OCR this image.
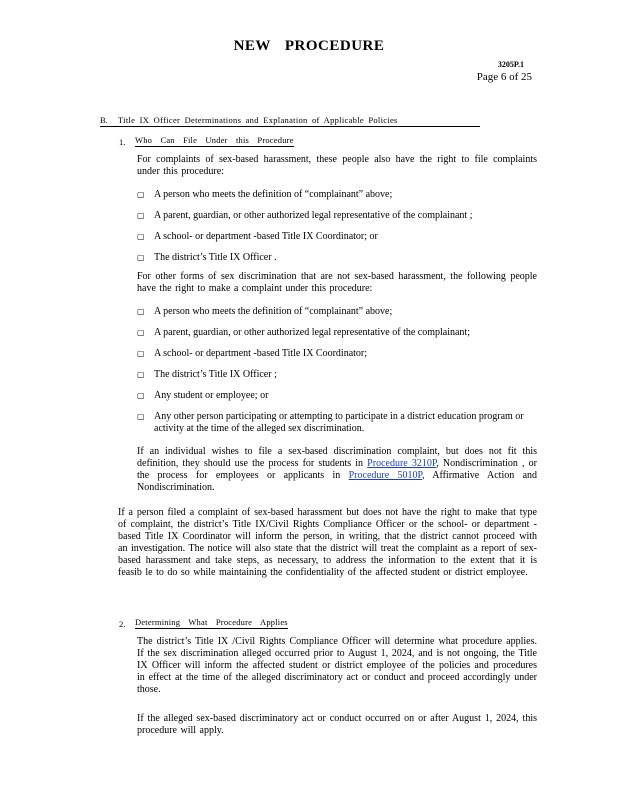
NEW PROCEDURE
3205P.1
Page 6 of 25
B.	Title IX Officer Determinations and Explanation of Applicable Policies
1.	Who Can File Under this Procedure
For complaints of sex-based harassment, these people also have the right to file complaints under this procedure:
▢ A person who meets the definition of “complainant” above;
▢ A parent, guardian, or other authorized legal representative of the complainant ;
▢ A school- or department -based Title IX Coordinator; or
▢ The district’s Title IX Officer .
For other forms of sex discrimination that are not sex-based harassment, the following people have the right to make a complaint under this procedure:
▢ A person who meets the definition of “complainant” above;
▢ A parent, guardian, or other authorized legal representative of the complainant;
▢ A school- or department -based Title IX Coordinator;
▢ The district’s Title IX Officer ;
▢ Any student or employee; or
▢ Any other person participating or attempting to participate in a district education program or activity at the time of the alleged sex discrimination.
If an individual wishes to file a sex-based discrimination complaint, but does not fit this definition, they should use the process for students in Procedure 3210P, Nondiscrimination , or the process for employees or applicants in Procedure 5010P, Affirmative Action and Nondiscrimination.
If a person filed a complaint of sex-based harassment but does not have the right to make that type of complaint, the district’s Title IX/Civil Rights Compliance Officer or the school- or department -based Title IX Coordinator will inform the person, in writing, that the district cannot proceed with an investigation. The notice will also state that the district will treat the complaint as a report of sex-based harassment and take steps, as necessary, to address the information to the extent that it is feasib le to do so while maintaining the confidentiality of the affected student or district employee.
2.	Determining What Procedure Applies
The district’s Title IX /Civil Rights Compliance Officer will determine what procedure applies. If the sex discrimination alleged occurred prior to August 1, 2024, and is not ongoing, the Title IX Officer will inform the affected student or district employee of the policies and procedures in effect at the time of the alleged discriminatory act or conduct and proceed accordingly under those.
If the alleged sex-based discriminatory act or conduct occurred on or after August 1, 2024, this procedure will apply.
